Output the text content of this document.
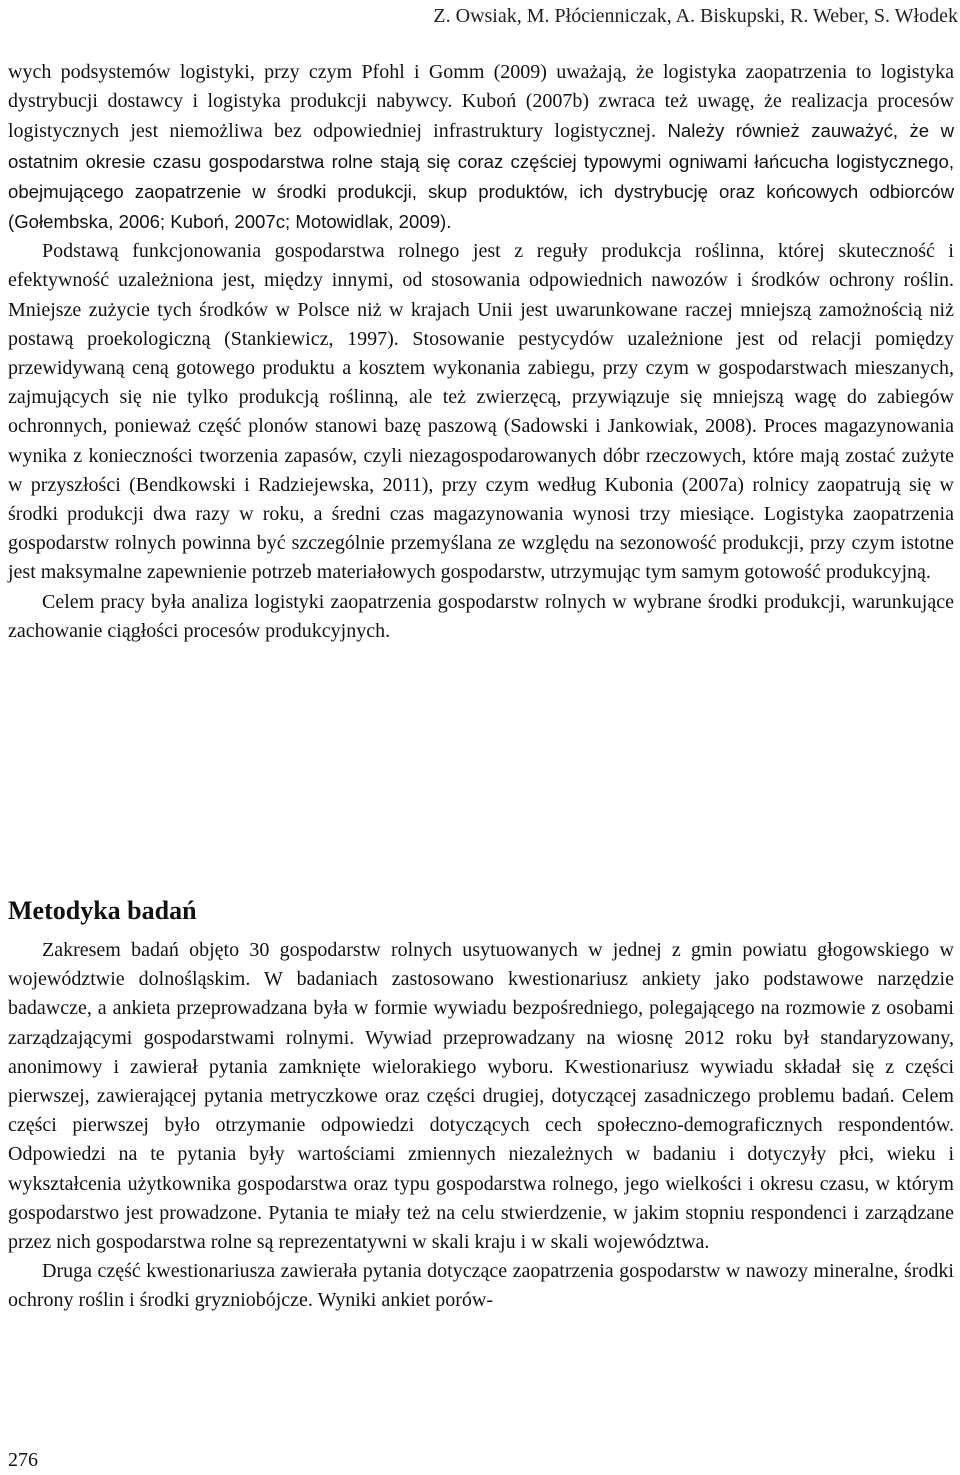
Z. Owsiak, M. Płócienniczak, A. Biskupski, R. Weber, S. Włodek

wych podsystemów logistyki, przy czym Pfohl i Gomm (2009) uważają, że logistyka zaopatrzenia to logistyka dystrybucji dostawcy i logistyka produkcji nabywcy. Kuboń (2007b) zwraca też uwagę, że realizacja procesów logistycznych jest niemożliwa bez odpowiedniej infrastruktury logistycznej. Należy również zauważyć, że w ostatnim okresie czasu gospodarstwa rolne stają się coraz częściej typowymi ogniwami łańcucha logistycznego, obejmującego zaopatrzenie w środki produkcji, skup produktów, ich dystrybucję oraz końcowych odbiorców (Gołembska, 2006; Kuboń, 2007c; Motowidlak, 2009).

Podstawą funkcjonowania gospodarstwa rolnego jest z reguły produkcja roślinna, której skuteczność i efektywność uzależniona jest, między innymi, od stosowania odpowiednich nawozów i środków ochrony roślin. Mniejsze zużycie tych środków w Polsce niż w krajach Unii jest uwarunkowane raczej mniejszą zamożnością niż postawą proekologiczną (Stankiewicz, 1997). Stosowanie pestycydów uzależnione jest od relacji pomiędzy przewidywaną ceną gotowego produktu a kosztem wykonania zabiegu, przy czym w gospodarstwach mieszanych, zajmujących się nie tylko produkcją roślinną, ale też zwierzęcą, przywiązuje się mniejszą wagę do zabiegów ochronnych, ponieważ część plonów stanowi bazę paszową (Sadowski i Jankowiak, 2008). Proces magazynowania wynika z konieczności tworzenia zapasów, czyli niezagospodarowanych dóbr rzeczowych, które mają zostać zużyte w przyszłości (Bendkowski i Radziejewska, 2011), przy czym według Kubonia (2007a) rolnicy zaopatrują się w środki produkcji dwa razy w roku, a średni czas magazynowania wynosi trzy miesiące. Logistyka zaopatrzenia gospodarstw rolnych powinna być szczególnie przemyślana ze względu na sezonowość produkcji, przy czym istotne jest maksymalne zapewnienie potrzeb materiałowych gospodarstw, utrzymując tym samym gotowość produkcyjną.

Celem pracy była analiza logistyki zaopatrzenia gospodarstw rolnych w wybrane środki produkcji, warunkujące zachowanie ciągłości procesów produkcyjnych.

Metodyka badań

Zakresem badań objęto 30 gospodarstw rolnych usytuowanych w jednej z gmin powiatu głogowskiego w województwie dolnośląskim. W badaniach zastosowano kwestionariusz ankiety jako podstawowe narzędzie badawcze, a ankieta przeprowadzana była w formie wywiadu bezpośredniego, polegającego na rozmowie z osobami zarządzającymi gospodarstwami rolnymi. Wywiad przeprowadzany na wiosnę 2012 roku był standaryzowany, anonimowy i zawierał pytania zamknięte wielorakiego wyboru. Kwestionariusz wywiadu składał się z części pierwszej, zawierającej pytania metryczkowe oraz części drugiej, dotyczącej zasadniczego problemu badań. Celem części pierwszej było otrzymanie odpowiedzi dotyczących cech społeczno-demograficznych respondentów. Odpowiedzi na te pytania były wartościami zmiennych niezależnych w badaniu i dotyczyły płci, wieku i wykształcenia użytkownika gospodarstwa oraz typu gospodarstwa rolnego, jego wielkości i okresu czasu, w którym gospodarstwo jest prowadzone. Pytania te miały też na celu stwierdzenie, w jakim stopniu respondenci i zarządzane przez nich gospodarstwa rolne są reprezentatywni w skali kraju i w skali województwa.

Druga część kwestionariusza zawierała pytania dotyczące zaopatrzenia gospodarstw w nawozy mineralne, środki ochrony roślin i środki gryzniobójcze. Wyniki ankiet porów-

276
